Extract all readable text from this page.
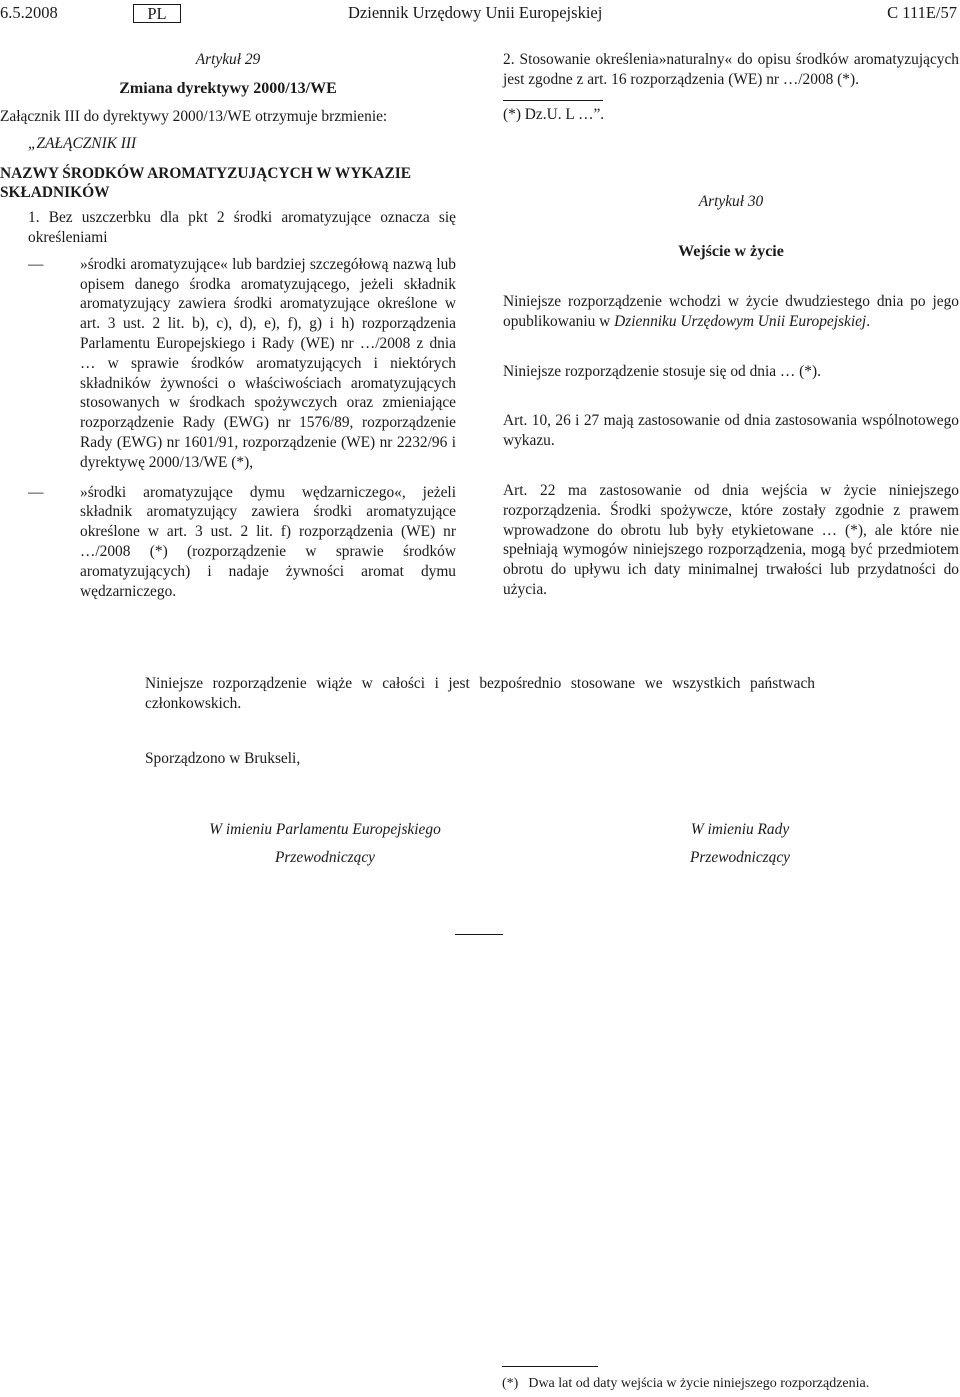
6.5.2008	PL	Dziennik Urzędowy Unii Europejskiej	C 111E/57

Artykuł 29

Zmiana dyrektywy 2000/13/WE

Załącznik III do dyrektywy 2000/13/WE otrzymuje brzmienie:

„ZAŁĄCZNIK III

NAZWY ŚRODKÓW AROMATYZUJĄCYCH W WYKAZIE SKŁADNIKÓW

1. Bez uszczerbku dla pkt 2 środki aromatyzujące oznacza się określeniami

— »środki aromatyzujące« lub bardziej szczegółową nazwą lub opisem danego środka aromatyzującego, jeżeli składnik aromatyzujący zawiera środki aromatyzujące określone w art. 3 ust. 2 lit. b), c), d), e), f), g) i h) rozporządzenia Parlamentu Europejskiego i Rady (WE) nr …/2008 z dnia … w sprawie środków aromatyzujących i niektórych składników żywności o właściwościach aromatyzujących stosowanych w środkach spożywczych oraz zmieniające rozporządzenie Rady (EWG) nr 1576/89, rozporządzenie Rady (EWG) nr 1601/91, rozporządzenie (WE) nr 2232/96 i dyrektywę 2000/13/WE (*),
— »środki aromatyzujące dymu wędzarniczego«, jeżeli składnik aromatyzujący zawiera środki aromatyzujące określone w art. 3 ust. 2 lit. f) rozporządzenia (WE) nr …/2008 (*) (rozporządzenie w sprawie środków aromatyzujących) i nadaje żywności aromat dymu wędzarniczego.

2. Stosowanie określenia»naturalny« do opisu środków aromatyzujących jest zgodne z art. 16 rozporządzenia (WE) nr …/2008 (*).

(*) Dz.U. L …”.

Artykuł 30

Wejście w życie

Niniejsze rozporządzenie wchodzi w życie dwudziestego dnia po jego opublikowaniu w Dzienniku Urzędowym Unii Europejskiej.

Niniejsze rozporządzenie stosuje się od dnia … (*).

Art. 10, 26 i 27 mają zastosowanie od dnia zastosowania wspólnotowego wykazu.

Art. 22 ma zastosowanie od dnia wejścia w życie niniejszego rozporządzenia. Środki spożywcze, które zostały zgodnie z prawem wprowadzone do obrotu lub były etykietowane … (*), ale które nie spełniają wymogów niniejszego rozporządzenia, mogą być przedmiotem obrotu do upływu ich daty minimalnej trwałości lub przydatności do użycia.

Niniejsze rozporządzenie wiąże w całości i jest bezpośrednio stosowane we wszystkich państwach członkowskich.

Sporządzono w Brukseli,

W imieniu Parlamentu Europejskiego

Przewodniczący

W imieniu Rady

Przewodniczący

(*) Dwa lat od daty wejścia w życie niniejszego rozporządzenia.
